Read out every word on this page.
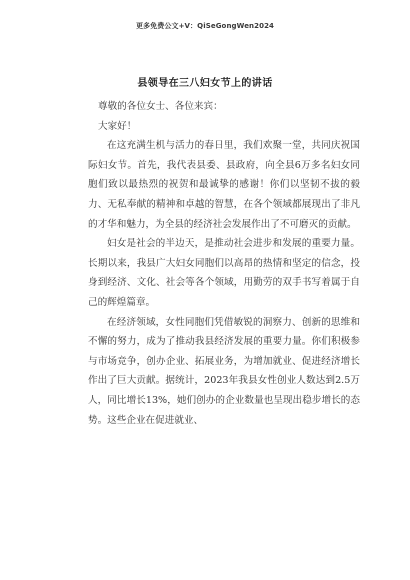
更多免费公文+V：QiSeGongWen2024
县领导在三八妇女节上的讲话

尊敬的各位女士、各位来宾：

大家好！

在这充满生机与活力的春日里，我们欢聚一堂，共同庆祝国际妇女节。首先，我代表县委、县政府，向全县6万多名妇女同胞们致以最热烈的祝贺和最诚挚的感谢！你们以坚韧不拔的毅力、无私奉献的精神和卓越的智慧，在各个领域都展现出了非凡的才华和魅力，为全县的经济社会发展作出了不可磨灭的贡献。

妇女是社会的半边天，是推动社会进步和发展的重要力量。长期以来，我县广大妇女同胞们以高昂的热情和坚定的信念，投身到经济、文化、社会等各个领域，用勤劳的双手书写着属于自己的辉煌篇章。

在经济领域，女性同胞们凭借敏锐的洞察力、创新的思维和不懈的努力，成为了推动我县经济发展的重要力量。你们积极参与市场竞争，创办企业、拓展业务，为增加就业、促进经济增长作出了巨大贡献。据统计，2023年我县女性创业人数达到2.5万人，同比增长13%，她们创办的企业数量也呈现出稳步增长的态势。这些企业在促进就业、
